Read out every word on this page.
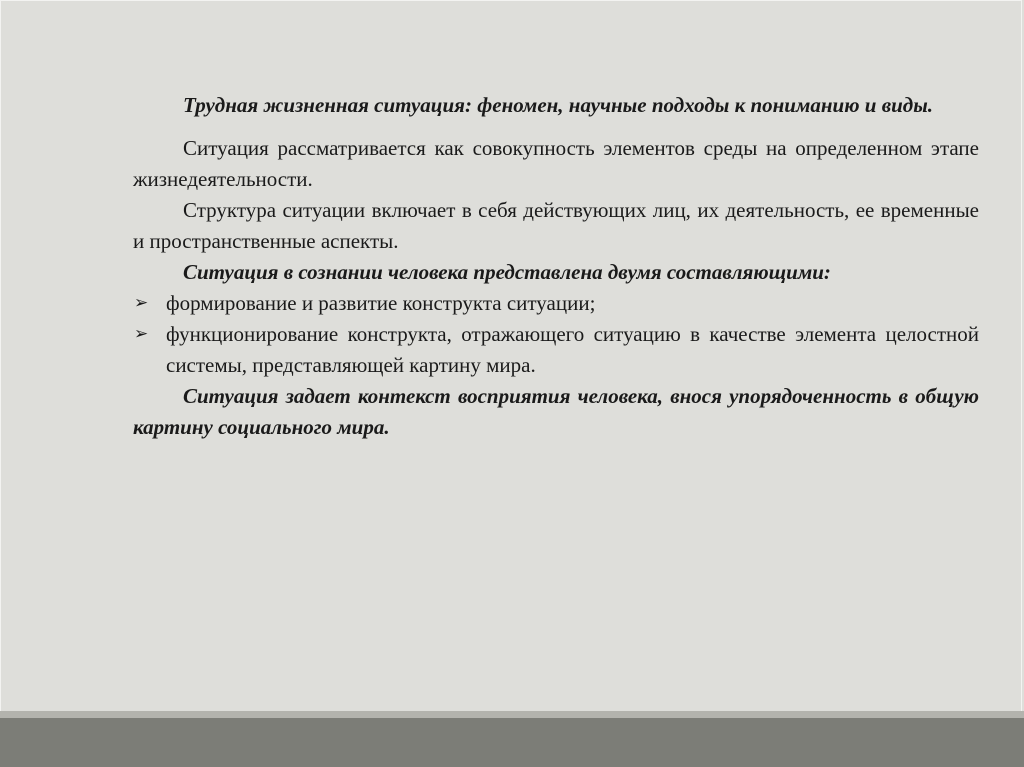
Трудная жизненная ситуация: феномен, научные подходы к пониманию и виды.

Ситуация рассматривается как совокупность элементов среды на определенном этапе жизнедеятельности.

Структура ситуации включает в себя действующих лиц, их деятельность, ее временные и пространственные аспекты.

Ситуация в сознании человека представлена двумя составляющими:

➢ формирование и развитие конструкта ситуации;

➢ функционирование конструкта, отражающего ситуацию в качестве элемента целостной системы, представляющей картину мира.

Ситуация задает контекст восприятия человека, внося упорядоченность в общую картину социального мира.
